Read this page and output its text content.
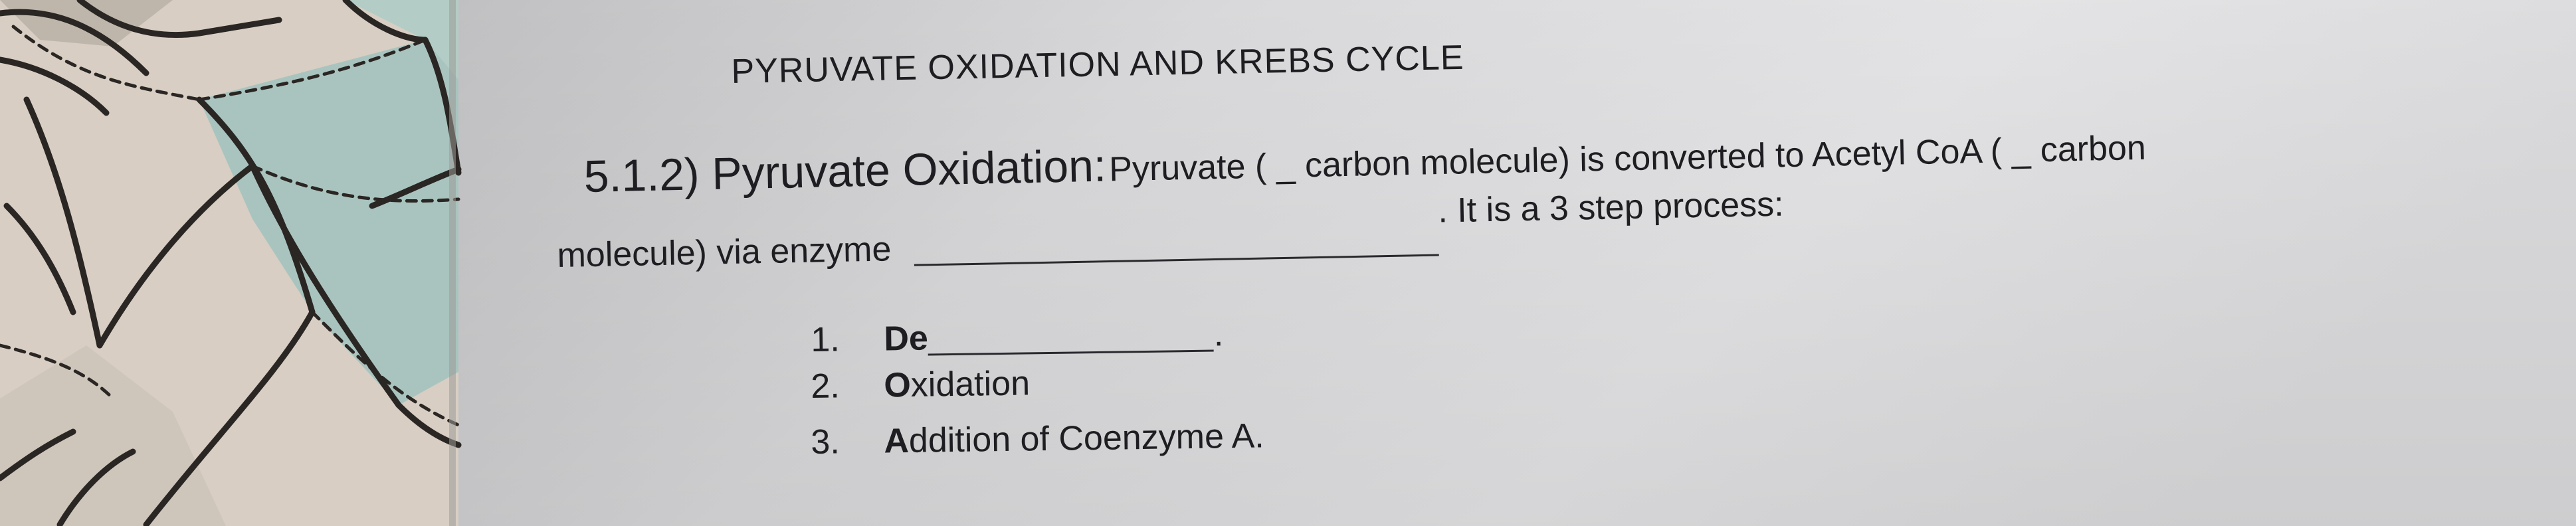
PYRUVATE OXIDATION AND KREBS CYCLE
5.1.2) Pyruvate Oxidation: Pyruvate ( _ carbon molecule) is converted to Acetyl CoA ( _ carbon
molecule) via enzyme. It is a 3 step process:
1. De	.
2. Oxidation
3. Addition of Coenzyme A.
